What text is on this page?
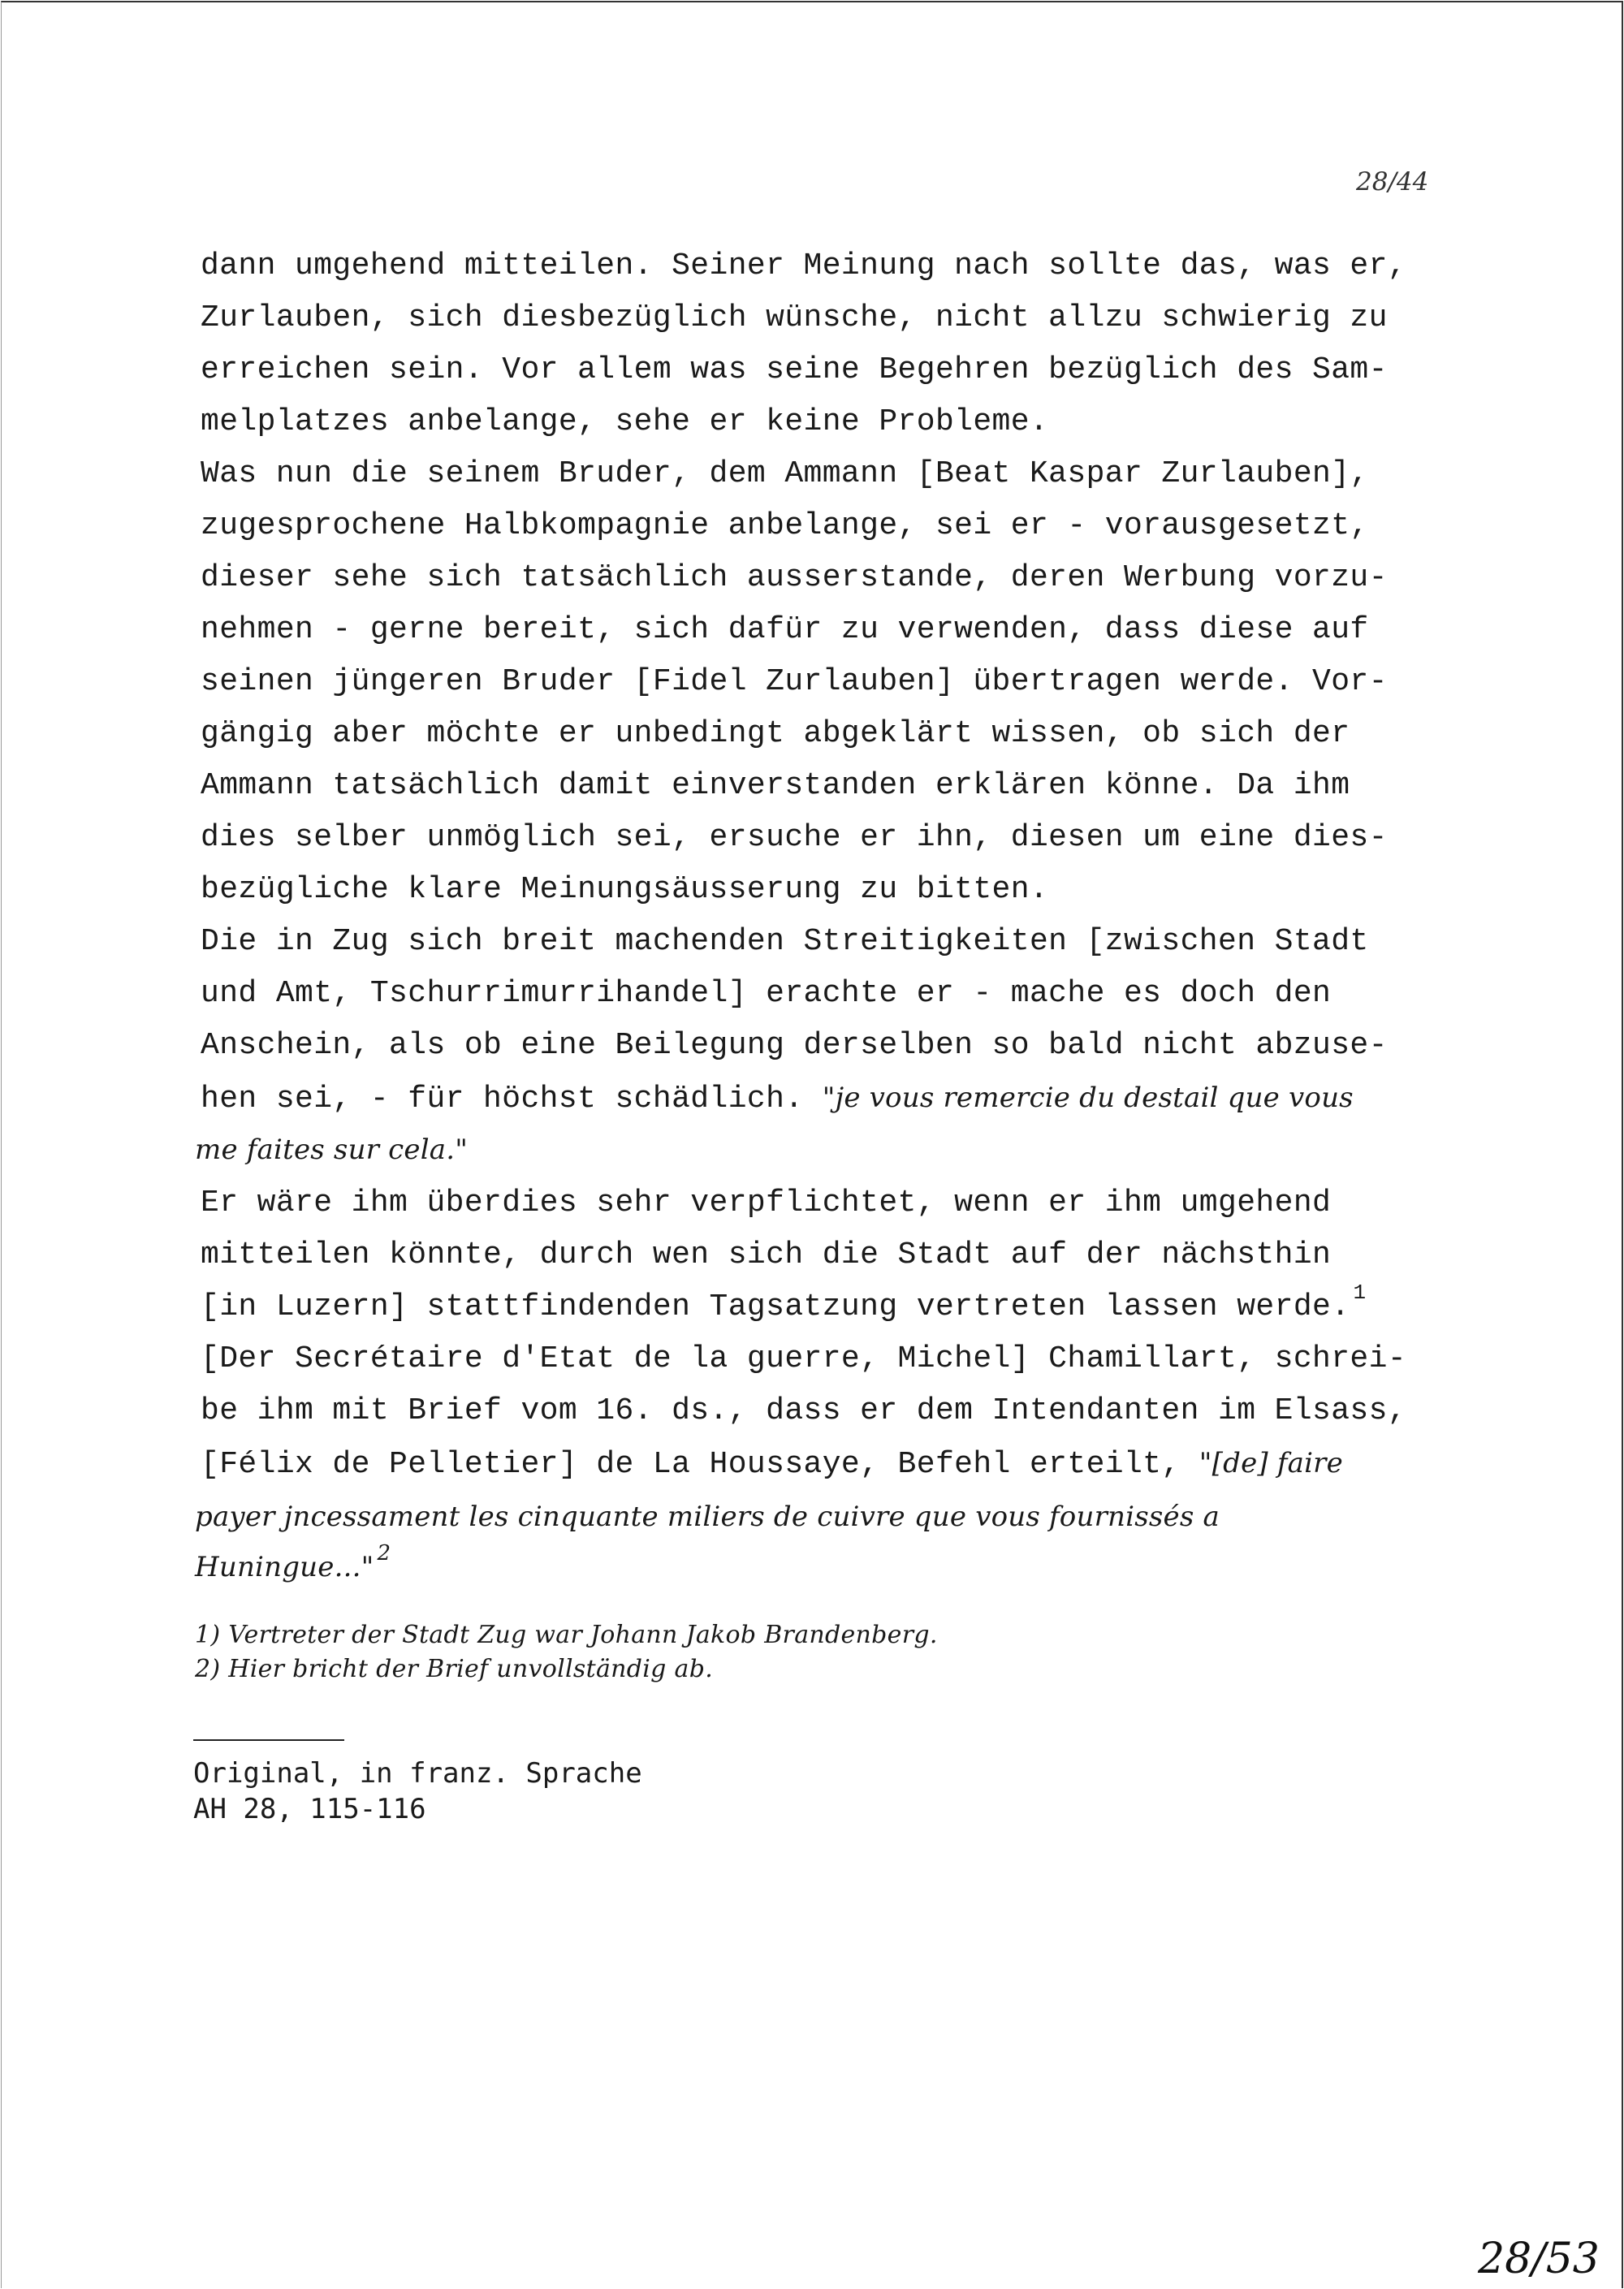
28/44
dann umgehend mitteilen. Seiner Meinung nach sollte das, was er,
Zurlauben, sich diesbezüglich wünsche, nicht allzu schwierig zu
erreichen sein. Vor allem was seine Begehren bezüglich des Sam-
melplatzes anbelange, sehe er keine Probleme.
Was nun die seinem Bruder, dem Ammann [Beat Kaspar Zurlauben],
zugesprochene Halbkompagnie anbelange, sei er - vorausgesetzt,
dieser sehe sich tatsächlich ausserstande, deren Werbung vorzu-
nehmen - gerne bereit, sich dafür zu verwenden, dass diese auf
seinen jüngeren Bruder [Fidel Zurlauben] übertragen werde. Vor-
gängig aber möchte er unbedingt abgeklärt wissen, ob sich der
Ammann tatsächlich damit einverstanden erklären könne. Da ihm
dies selber unmöglich sei, ersuche er ihn, diesen um eine dies-
bezügliche klare Meinungsäusserung zu bitten.
Die in Zug sich breit machenden Streitigkeiten [zwischen Stadt
und Amt, Tschurrimurrihandel] erachte er - mache es doch den
Anschein, als ob eine Beilegung derselben so bald nicht abzuse-
hen sei, - für höchst schädlich. "je vous remercie du destail que vous
me faites sur cela."
Er wäre ihm überdies sehr verpflichtet, wenn er ihm umgehend
mitteilen könnte, durch wen sich die Stadt auf der nächsthin
[in Luzern] stattfindenden Tagsatzung vertreten lassen werde. $^1$
[Der Secrétaire d'Etat de la guerre, Michel] Chamillart, schrei-
be ihm mit Brief vom 16. ds., dass er dem Intendanten im Elsass,
[Félix de Pelletier] de La Houssaye, Befehl erteilt, "[de] faire
payer jncessament les cinquante miliers de cuivre que vous fournissés a
Huningue..." $^2$
1) Vertreter der Stadt Zug war Johann Jakob Brandenberg.
2) Hier bricht der Brief unvollständig ab.
Original, in franz. Sprache
AH 28, 115-116
28/53
